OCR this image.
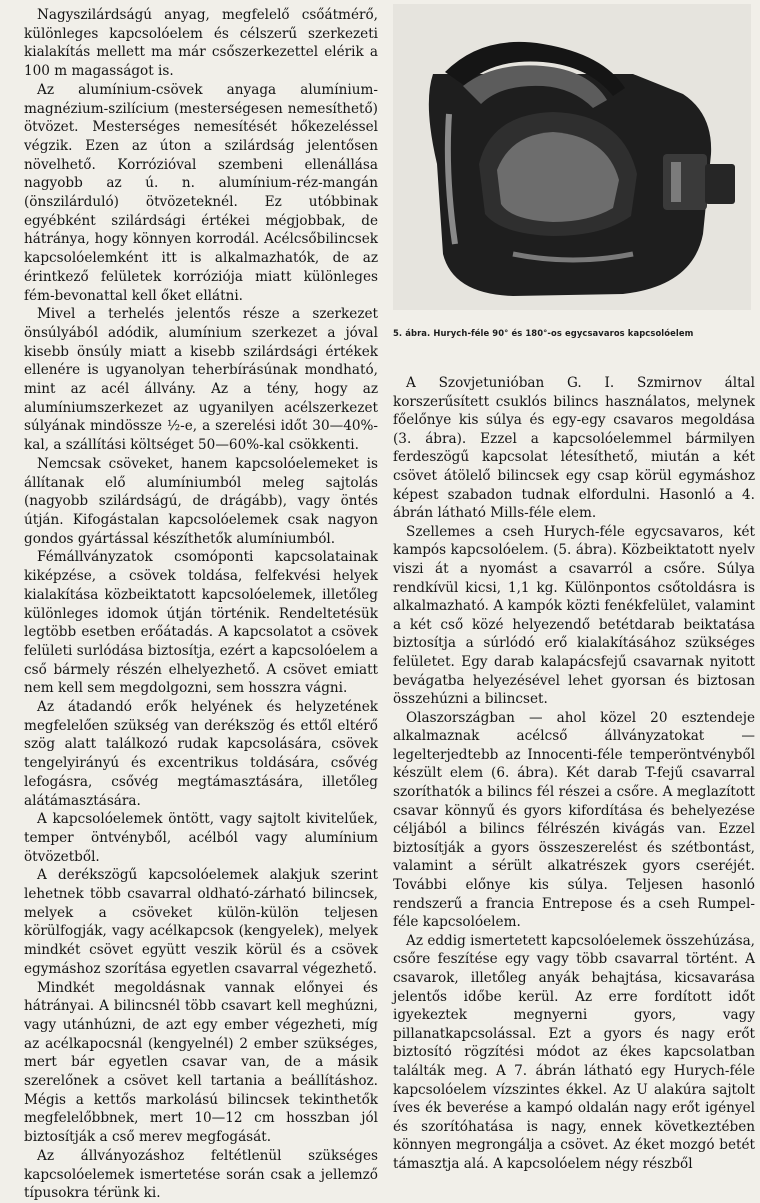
Nagyszilárdságú anyag, megfelelő csőátmérő, különleges kapcsolóelem és célszerű szerkezeti kialakítás mellett ma már csőszerkezettel elérik a 100 m magasságot is.

Az alumínium-csövek anyaga alumínium-magnézium-szilícium (mesterségesen nemesíthető) ötvözet. Mesterséges nemesítését hőkezeléssel végzik. Ezen az úton a szilárdság jelentősen növelhető. Korrózióval szembeni ellenállása nagyobb az ú. n. alumínium-réz-mangán (önszilárduló) ötvözeteknél. Ez utóbbinak egyébként szilárdsági értékei mégjobbak, de hátránya, hogy könnyen korrodál. Acélcsőbilincsek kapcsolóelemként itt is alkalmazhatók, de az érintkező felületek korróziója miatt különleges fém-bevonattal kell őket ellátni.

Mivel a terhelés jelentős része a szerkezet önsúlyából adódik, alumínium szerkezet a jóval kisebb önsúly miatt a kisebb szilárdsági értékek ellenére is ugyanolyan teherbírásúnak mondható, mint az acél állvány. Az a tény, hogy az alumíniumszerkezet az ugyanilyen acélszerkezet súlyának mindössze ½-e, a szerelési időt 30—40%-kal, a szállítási költséget 50—60%-kal csökkenti.

Nemcsak csöveket, hanem kapcsolóelemeket is állítanak elő alumíniumból meleg sajtolás (nagyobb szilárdságú, de drágább), vagy öntés útján. Kifogástalan kapcsolóelemek csak nagyon gondos gyártással készíthetők alumíniumból.

Fémállványzatok csomóponti kapcsolatainak kiképzése, a csövek toldása, felfekvési helyek kialakítása közbeiktatott kapcsolóelemek, illetőleg különleges idomok útján történik. Rendeltetésük legtöbb esetben erőátadás. A kapcsolatot a csövek felületi surlódása biztosítja, ezért a kapcsolóelem a cső bármely részén elhelyezhető. A csövet emiatt nem kell sem megdolgozni, sem hosszra vágni.

Az átadandó erők helyének és helyzetének megfelelően szükség van derékszög és ettől eltérő szög alatt találkozó rudak kapcsolására, csövek tengelyirányú és excentrikus toldására, csővég lefogásra, csővég megtámasztására, illetőleg alátámasztására.

A kapcsolóelemek öntött, vagy sajtolt kivitelűek, temper öntvényből, acélból vagy alumínium ötvözetből.

A derékszögű kapcsolóelemek alakjuk szerint lehetnek több csavarral oldható-zárható bilincsek, melyek a csöveket külön-külön teljesen körülfogják, vagy acélkapcsok (kengyelek), melyek mindkét csövet együtt veszik körül és a csövek egymáshoz szorítása egyetlen csavarral végezhető.

Mindkét megoldásnak vannak előnyei és hátrányai. A bilincsnél több csavart kell meghúzni, vagy utánhúzni, de azt egy ember végezheti, míg az acélkapocsnál (kengyelnél) 2 ember szükséges, mert bár egyetlen csavar van, de a másik szerelőnek a csövet kell tartania a beállításhoz. Mégis a kettős markolású bilincsek tekinthetők megfelelőbbnek, mert 10—12 cm hosszban jól biztosítják a cső merev megfogását.

Az állványozáshoz feltétlenül szükséges kapcsolóelemek ismertetése során csak a jellemző típusokra térünk ki.

5. ábra. Hurych-féle 90° és 180°-os egycsavaros kapcsolóelem

A Szovjetunióban G. I. Szmirnov által korszerűsített csuklós bilincs használatos, melynek főelőnye kis súlya és egy-egy csavaros megoldása (3. ábra). Ezzel a kapcsolóelemmel bármilyen ferdeszögű kapcsolat létesíthető, miután a két csövet átölelő bilincsek egy csap körül egymáshoz képest szabadon tudnak elfordulni. Hasonló a 4. ábrán látható Mills-féle elem.

Szellemes a cseh Hurych-féle egycsavaros, két kampós kapcsolóelem. (5. ábra). Közbeiktatott nyelv viszi át a nyomást a csavarról a csőre. Súlya rendkívül kicsi, 1,1 kg. Különpontos csőtoldásra is alkalmazható. A kampók közti fenékfelület, valamint a két cső közé helyezendő betétdarab beiktatása biztosítja a súrlódó erő kialakításához szükséges felületet. Egy darab kalapácsfejű csavarnak nyitott bevágatba helyezésével lehet gyorsan és biztosan összehúzni a bilincset.

Olaszországban — ahol közel 20 esztendeje alkalmaznak acélcső állványzatokat — legelterjedtebb az Innocenti-féle temperöntvényből készült elem (6. ábra). Két darab T-fejű csavarral szoríthatók a bilincs fél részei a csőre. A meglazított csavar könnyű és gyors kifordítása és behelyezése céljából a bilincs félrészén kivágás van. Ezzel biztosítják a gyors összeszerelést és szétbontást, valamint a sérült alkatrészek gyors cseréjét. További előnye kis súlya. Teljesen hasonló rendszerű a francia Entrepose és a cseh Rumpel-féle kapcsolóelem.

Az eddig ismertetett kapcsolóelemek összehúzása, csőre feszítése egy vagy több csavarral történt. A csavarok, illetőleg anyák behajtása, kicsavarása jelentős időbe kerül. Az erre fordított időt igyekeztek megnyerni gyors, vagy pillanatkapcsolással. Ezt a gyors és nagy erőt biztosító rögzítési módot az ékes kapcsolatban találták meg. A 7. ábrán látható egy Hurych-féle kapcsolóelem vízszintes ékkel. Az U alakúra sajtolt íves ék beverése a kampó oldalán nagy erőt igényel és szorítóhatása is nagy, ennek következtében könnyen megrongálja a csövet. Az éket mozgó betét támasztja alá. A kapcsolóelem négy részből
